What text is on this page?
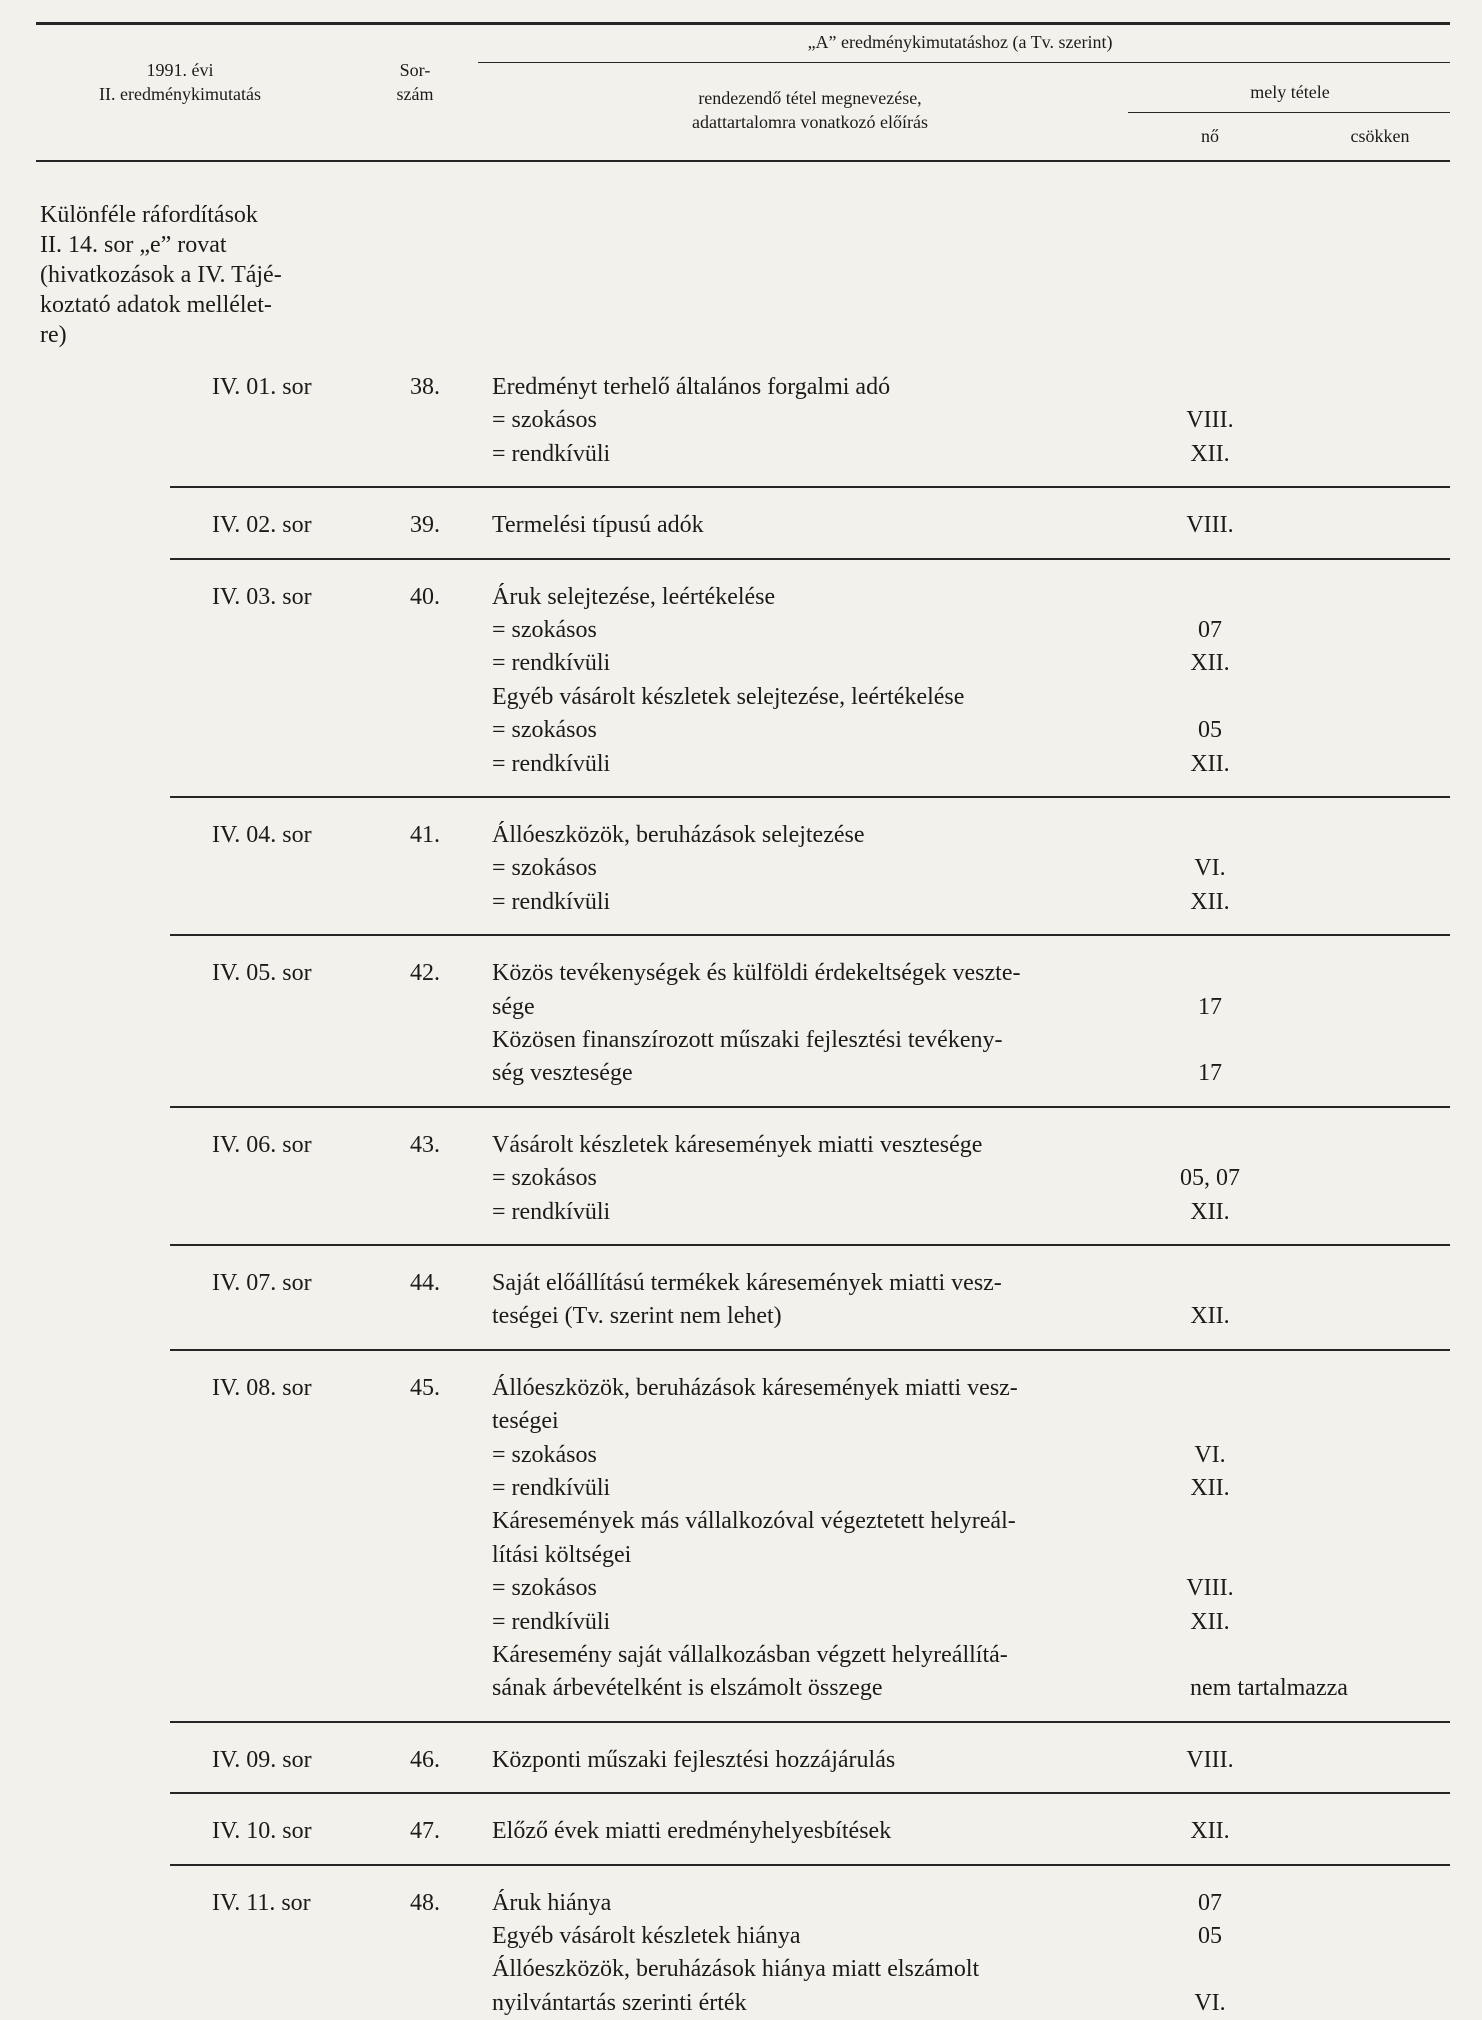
1991. évi
II. eredménykimutatás
Sor-
szám
„A” eredménykimutatáshoz (a Tv. szerint)
rendezendő tétel megnevezése,
adattartalomra vonatkozó előírás
mely tétele
nő	csökken
Különféle ráfordítások
II. 14. sor „e” rovat
(hivatkozások a IV. Tájé-
koztató adatok mellélet-
re)
IV. 01. sor	38. Eredményt terhelő általános forgalmi adó
= szokásos	VIII.
= rendkívüli	XII.
IV. 02. sor	39. Termelési típusú adók	VIII.
IV. 03. sor	40. Áruk selejtezése, leértékelése
= szokásos	07
= rendkívüli	XII.
Egyéb vásárolt készletek selejtezése, leértékelése
= szokásos	05
= rendkívüli	XII.
IV. 04. sor	41. Állóeszközök, beruházások selejtezése
= szokásos	VI.
= rendkívüli	XII.
IV. 05. sor	42. Közös tevékenységek és külföldi érdekeltségek veszte-
sége	17
Közösen finanszírozott műszaki fejlesztési tevékeny-
ség vesztesége	17
IV. 06. sor	43. Vásárolt készletek káresemények miatti vesztesége
= szokásos	05, 07
= rendkívüli	XII.
IV. 07. sor	44. Saját előállítású termékek káresemények miatti vesz-
teségei (Tv. szerint nem lehet)	XII.
IV. 08. sor	45. Állóeszközök, beruházások káresemények miatti vesz-
teségei
= szokásos	VI.
= rendkívüli	XII.
Káresemények más vállalkozóval végeztetett helyreál-
lítási költségei
= szokásos	VIII.
= rendkívüli	XII.
Káresemény saját vállalkozásban végzett helyreállítá-
sának árbevételként is elszámolt összege	nem tartalmazza
IV. 09. sor	46. Központi műszaki fejlesztési hozzájárulás	VIII.
IV. 10. sor	47. Előző évek miatti eredményhelyesbítések	XII.
IV. 11. sor	48. Áruk hiánya	07
Egyéb vásárolt készletek hiánya	05
Állóeszközök, beruházások hiánya miatt elszámolt
nyilvántartás szerinti érték	VI.
